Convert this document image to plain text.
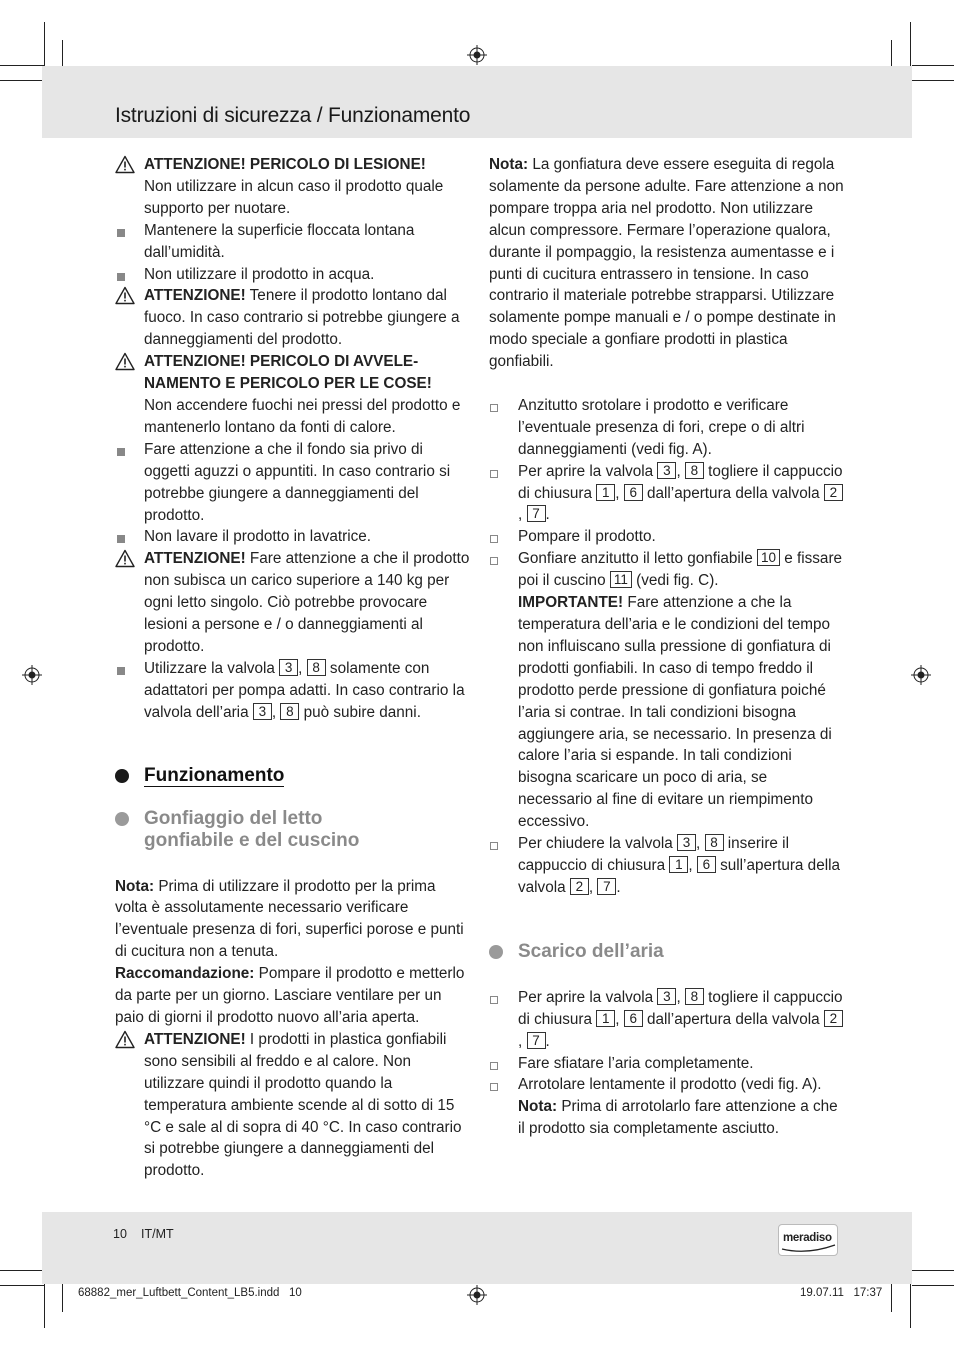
Istruzioni di sicurezza / Funzionamento
ATTENZIONE! PERICOLO DI LESIONE!
Non utilizzare in alcun caso il prodotto quale supporto per nuotare.
Mantenere la superficie floccata lontana dall’umidità.
Non utilizzare il prodotto in acqua.
ATTENZIONE! Tenere il prodotto lontano dal fuoco. In caso contrario si potrebbe giungere a danneggiamenti del prodotto.
ATTENZIONE! PERICOLO DI AVVELE-
NAMENTO E PERICOLO PER LE COSE!
Non accendere fuochi nei pressi del prodotto e mantenerlo lontano da fonti di calore.
Fare attenzione a che il fondo sia privo di oggetti aguzzi o appuntiti. In caso contrario si potrebbe giungere a danneggiamenti del prodotto.
Non lavare il prodotto in lavatrice.
ATTENZIONE! Fare attenzione a che il prodotto non subisca un carico superiore a 140 kg per ogni letto singolo. Ciò potrebbe provocare lesioni a persone e / o danneggiamenti al prodotto.
Utilizzare la valvola 3 , 8 solamente con adattatori per pompa adatti. In caso contrario la valvola dell’aria 3 , 8 può subire danni.
Funzionamento
Gonfiaggio del letto
gonfiabile e del cuscino
Nota: Prima di utilizzare il prodotto per la prima volta è assolutamente necessario verificare l’eventuale presenza di fori, superfici porose e punti di cucitura non a tenuta.
Raccomandazione: Pompare il prodotto e metterlo da parte per un giorno. Lasciare ventilare per un paio di giorni il prodotto nuovo all’aria aperta.
ATTENZIONE! I prodotti in plastica gonfiabili sono sensibili al freddo e al calore. Non utilizzare quindi il prodotto quando la temperatura ambiente scende al di sotto di 15 °C e sale al di sopra di 40 °C. In caso contrario si potrebbe giungere a danneggiamenti del prodotto.
Nota: La gonfiatura deve essere eseguita di regola solamente da persone adulte. Fare attenzione a non pompare troppa aria nel prodotto. Non utilizzare alcun compressore. Fermare l’operazione qualora, durante il pompaggio, la resistenza aumentasse e i punti di cucitura entrassero in tensione. In caso contrario il materiale potrebbe strapparsi. Utilizzare solamente pompe manuali e / o pompe destinate in modo speciale a gonfiare prodotti in plastica gonfiabili.
Anzitutto srotolare i prodotto e verificare l’eventuale presenza di fori, crepe o di altri danneggiamenti (vedi fig. A).
Per aprire la valvola 3 , 8 togliere il cappuccio di chiusura 1 , 6 dall’apertura della valvola 2, 7 .
Pompare il prodotto.
Gonfiare anzitutto il letto gonfiabile 10 e fissare poi il cuscino 11 (vedi fig. C).
IMPORTANTE! Fare attenzione a che la temperatura dell’aria e le condizioni del tempo non influiscano sulla pressione di gonfiatura di prodotti gonfiabili. In caso di tempo freddo il prodotto perde pressione di gonfiatura poiché l’aria si contrae. In tali condizioni bisogna aggiungere aria, se necessario. In presenza di calore l’aria si espande. In tali condizioni bisogna scaricare un poco di aria, se necessario al fine di evitare un riempimento eccessivo.
Per chiudere la valvola 3 , 8 inserire il cappuccio di chiusura 1 , 6 sull’apertura della valvola 2 , 7 .
Scarico dell’aria
Per aprire la valvola 3 , 8 togliere il cappuccio di chiusura 1 , 6 dall’apertura della valvola 2, 7 .
Fare sfiatare l’aria completamente.
Arrotolare lentamente il prodotto (vedi fig. A).
Nota: Prima di arrotolarlo fare attenzione a che il prodotto sia completamente asciutto.
10 IT/MT	meradiso
68882_mer_Luftbett_Content_LB5.indd   10	19.07.11   17:37
